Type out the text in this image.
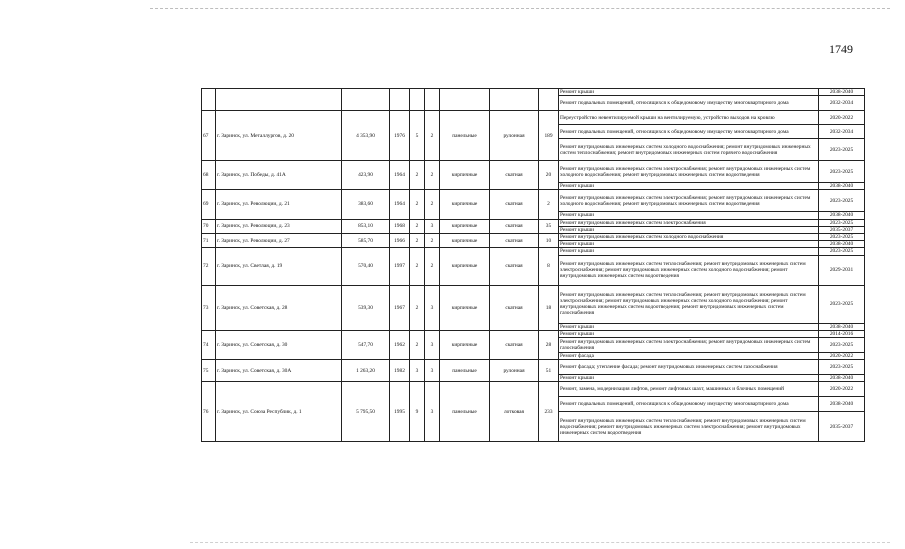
1749
									Ремонт крыши	2038-2040
									Ремонт подвальных помещений, относящихся к общедомовому имуществу многоквартирного дома	2032-2034
67	г. Заринск, ул. Металлургов, д. 20	4 353,90	1976	5	2	панельные	рулонная	189	Переустройство невентилируемой крыши на вентилируемую, устройство выходов на кровлю	2020-2022
									Ремонт подвальных помещений, относящихся к общедомовому имуществу многоквартирного дома	2032-2034
									Ремонт внутридомовых инженерных систем холодного водоснабжения; ремонт внутридомовых инженерных систем теплоснабжения; ремонт внутридомовых инженерных систем горячего водоснабжения	2023-2025
68	г. Заринск, ул. Победы, д. 41А	423,90	1964	2	2	кирпичные	скатная	20	Ремонт внутридомовых инженерных систем электроснабжения; ремонт внутридомовых инженерных систем холодного водоснабжения; ремонт внутридомовых инженерных систем водоотведения	2023-2025
									Ремонт крыши	2038-2040
69	г. Заринск, ул. Революции, д. 21	383,60	1964	2	2	кирпичные	скатная	2	Ремонт внутридомовых инженерных систем электроснабжения; ремонт внутридомовых инженерных систем холодного водоснабжения; ремонт внутридомовых инженерных систем водоотведения	2023-2025
									Ремонт крыши	2038-2040
70	г. Заринск, ул. Революции, д. 23	853,10	1968	2	3	кирпичные	скатная	35	Ремонт внутридомовых инженерных систем электроснабжения	2023-2025
									Ремонт крыши	2035-2037
71	г. Заринск, ул. Революции, д. 27	585,70	1966	2	2	кирпичные	скатная	10	Ремонт внутридомовых инженерных систем холодного водоснабжения	2023-2025
									Ремонт крыши	2038-2040
72	г. Заринск, ул. Светлая, д. 19	570,40	1997	2	2	кирпичные	скатная	8	Ремонт крыши	2023-2025
									Ремонт внутридомовых инженерных систем теплоснабжения; ремонт внутридомовых инженерных систем электроснабжения; ремонт внутридомовых инженерных систем холодного водоснабжения; ремонт внутридомовых инженерных систем водоотведения	2029-2031
73	г. Заринск, ул. Советская, д. 28	539,30	1967	2	3	кирпичные	скатная	18	Ремонт внутридомовых инженерных систем теплоснабжения; ремонт внутридомовых инженерных систем электроснабжения; ремонт внутридомовых инженерных систем холодного водоснабжения; ремонт внутридомовых инженерных систем водоотведения; ремонт внутридомовых инженерных систем газоснабжения	2023-2025
									Ремонт крыши	2038-2040
74	г. Заринск, ул. Советская, д. 30	547,70	1962	2	3	кирпичные	скатная	28	Ремонт крыши	2014-2016
									Ремонт внутридомовых инженерных систем электроснабжения; ремонт внутридомовых инженерных систем газоснабжения	2023-2025
									Ремонт фасада	2020-2022
75	г. Заринск, ул. Советская, д. 30А	1 263,20	1982	3	3	панельные	рулонная	51	Ремонт фасада; утепление фасада; ремонт внутридомовых инженерных систем газоснабжения	2023-2025
									Ремонт крыши	2038-2040
76	г. Заринск, ул. Союза Республик, д. 1	5 795,50	1995	9	3	панельные	лотковая	233	Ремонт, замена, модернизация лифтов, ремонт лифтовых шахт, машинных и блочных помещений	2020-2022
									Ремонт подвальных помещений, относящихся к общедомовому имуществу многоквартирного дома	2038-2040
									Ремонт внутридомовых инженерных систем теплоснабжения; ремонт внутридомовых инженерных систем водоснабжения; ремонт внутридомовых инженерных систем электроснабжения; ремонт внутридомовых инженерных систем водоотведения	2035-2037
